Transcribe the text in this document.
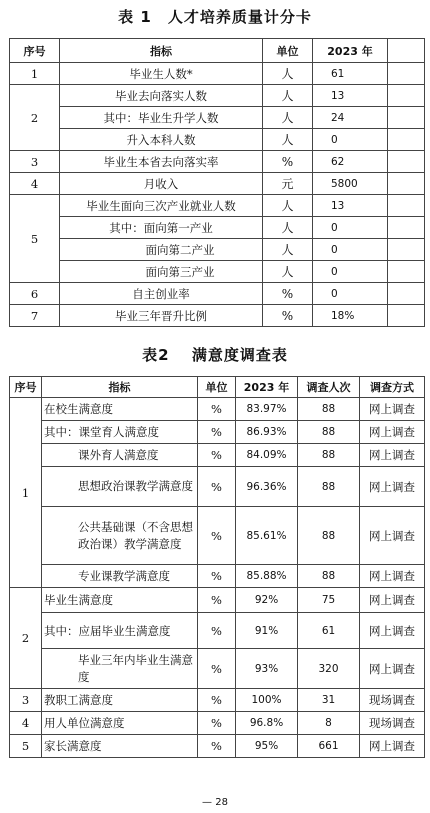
表 1　人才培养质量计分卡
序号	指标	单位	2023 年	
1	毕业生人数*	人	61	
2	毕业去向落实人数	人	13	
	其中：毕业生升学人数	人	24	
	升入本科人数	人	0	
3	毕业生本省去向落实率	%	62	
4	月收入	元	5800	
5	毕业生面向三次产业就业人数	人	13	
	其中：面向第一产业	人	0	
	面向第二产业	人	0	
	面向第三产业	人	0	
6	自主创业率	%	0	
7	毕业三年晋升比例	%	18%	
表2　 满意度调查表
序号	指标	单位	2023 年	调查人次	调查方式
1	在校生满意度	%	83.97%	88	网上调查
	其中：课堂育人满意度	%	86.93%	88	网上调查
	课外育人满意度	%	84.09%	88	网上调查
	思想政治课教学满意度	%	96.36%	88	网上调查
	公共基础课（不含思想政治课）教学满意度	%	85.61%	88	网上调查
	专业课教学满意度	%	85.88%	88	网上调查
2	毕业生满意度	%	92%	75	网上调查
	其中：应届毕业生满意度	%	91%	61	网上调查
	毕业三年内毕业生满意度	%	93%	320	网上调查
3	教职工满意度	%	100%	31	现场调查
4	用人单位满意度	%	96.8%	8	现场调查
5	家长满意度	%	95%	661	网上调查
— 28
